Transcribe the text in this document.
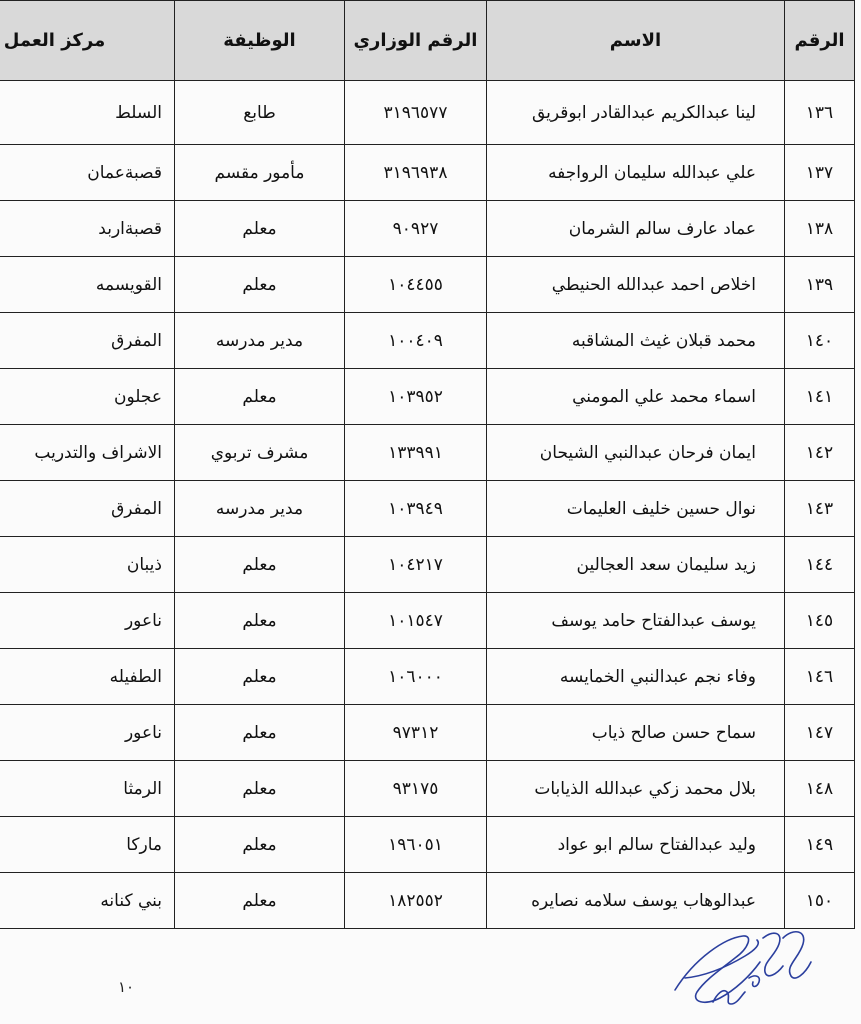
الرقم	الاسم	الرقم الوزاري	الوظيفة	مركز العمل
١٣٦	لينا عبدالكريم عبدالقادر ابوقريق	٣١٩٦٥٧٧	طابع	السلط
١٣٧	علي عبدالله سليمان الرواجفه	٣١٩٦٩٣٨	مأمور مقسم	قصبةعمان
١٣٨	عماد عارف سالم الشرمان	٩٠٩٢٧	معلم	قصبةاربد
١٣٩	اخلاص احمد عبدالله الحنيطي	١٠٤٤٥٥	معلم	القويسمه
١٤٠	محمد قبلان غيث المشاقبه	١٠٠٤٠٩	مدير مدرسه	المفرق
١٤١	اسماء محمد علي المومني	١٠٣٩٥٢	معلم	عجلون
١٤٢	ايمان فرحان عبدالنبي الشيحان	١٣٣٩٩١	مشرف تربوي	الاشراف والتدريب
١٤٣	نوال حسين خليف العليمات	١٠٣٩٤٩	مدير مدرسه	المفرق
١٤٤	زيد سليمان سعد العجالين	١٠٤٢١٧	معلم	ذيبان
١٤٥	يوسف عبدالفتاح حامد يوسف	١٠١٥٤٧	معلم	ناعور
١٤٦	وفاء نجم عبدالنبي الخمايسه	١٠٦٠٠٠	معلم	الطفيله
١٤٧	سماح حسن صالح ذياب	٩٧٣١٢	معلم	ناعور
١٤٨	بلال محمد زكي عبدالله الذيابات	٩٣١٧٥	معلم	الرمثا
١٤٩	وليد عبدالفتاح سالم ابو عواد	١٩٦٠٥١	معلم	ماركا
١٥٠	عبدالوهاب يوسف سلامه نصايره	١٨٢٥٥٢	معلم	بني كنانه
١٠
